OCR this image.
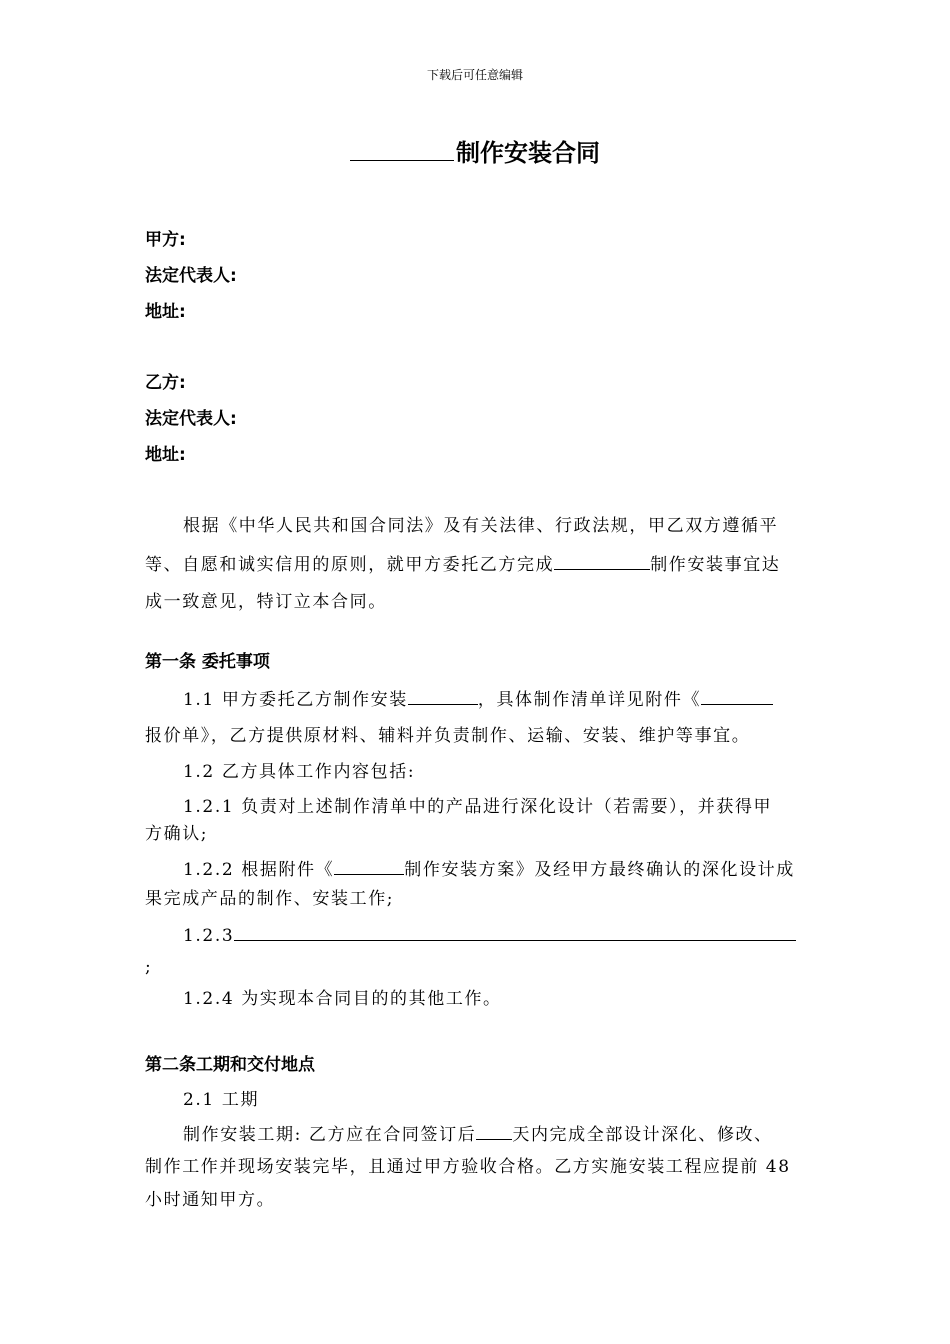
下载后可任意编辑
制作安装合同
甲方:
法定代表人:
地址:
乙方:
法定代表人:
地址:
根据《中华人民共和国合同法》及有关法律、行政法规，甲乙双方遵循平
等、自愿和诚实信用的原则，就甲方委托乙方完成	制作安装事宜达
成一致意见，特订立本合同。
第一条 委托事项
1.1 甲方委托乙方制作安装	，具体制作清单详见附件《
报价单》，乙方提供原材料、辅料并负责制作、运输、安装、维护等事宜。
1.2 乙方具体工作内容包括:
1.2.1 负责对上述制作清单中的产品进行深化设计（若需要），并获得甲
方确认;
1.2.2 根据附件《	制作安装方案》及经甲方最终确认的深化设计成
果完成产品的制作、安装工作;
1.2.3
;
1.2.4 为实现本合同目的的其他工作。
第二条工期和交付地点
2.1 工期
制作安装工期: 乙方应在合同签订后 天内完成全部设计深化、修改、
制作工作并现场安装完毕，且通过甲方验收合格。乙方实施安装工程应提前 48
小时通知甲方。
